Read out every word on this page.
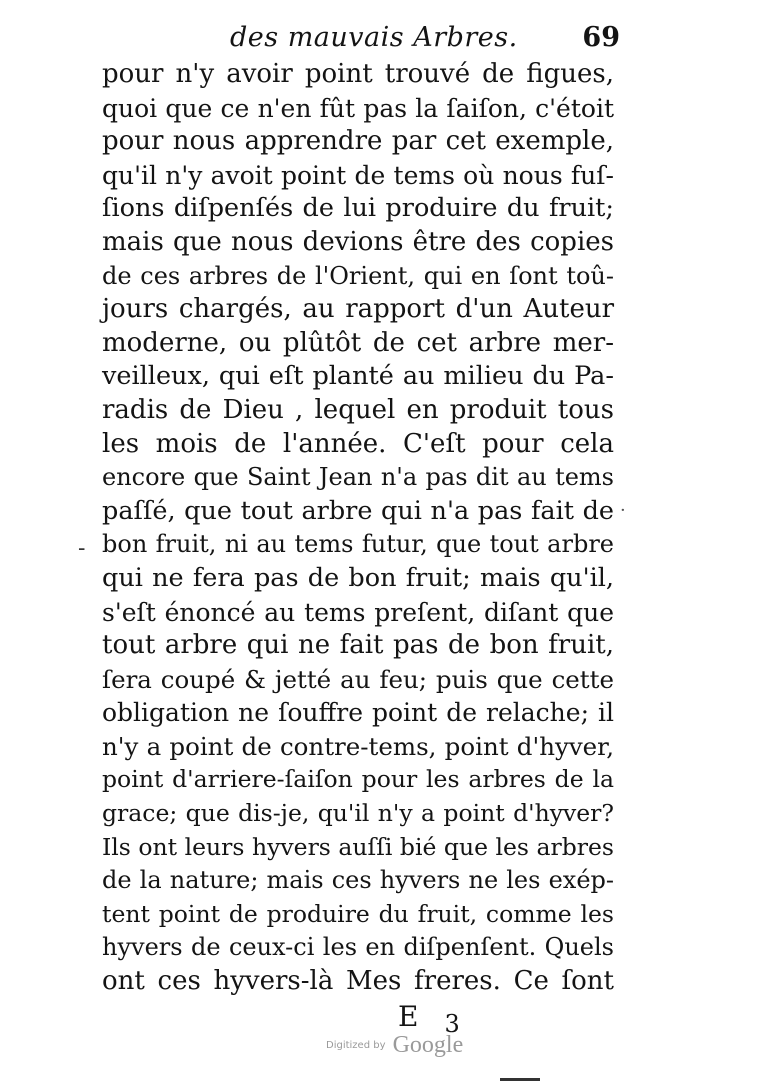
des mauvais Arbres. 69
pour n'y avoir point trouvé de figues,
quoi que ce n'en fût pas la ſaiſon, c'étoit
pour nous apprendre par cet exemple,
qu'il n'y avoit point de tems où nous fuſ-
ſions diſpenſés de lui produire du fruit;
mais que nous devions être des copies
de ces arbres de l'Orient, qui en ſont toû-
jours chargés, au rapport d'un Auteur
moderne, ou plûtôt de cet arbre mer-
veilleux, qui eſt planté au milieu du Pa-
radis de Dieu , lequel en produit tous
les mois de l'année. C'eſt pour cela
encore que Saint Jean n'a pas dit au tems
paſſé, que tout arbre qui n'a pas fait de
bon fruit, ni au tems futur, que tout arbre
qui ne fera pas de bon fruit; mais qu'il,
s'eſt énoncé au tems preſent, diſant que
tout arbre qui ne fait pas de bon fruit,
ſera coupé & jetté au feu; puis que cette
obligation ne ſouffre point de relache; il
n'y a point de contre-tems, point d'hyver,
point d'arriere-ſaiſon pour les arbres de la
grace; que dis-je, qu'il n'y a point d'hyver?
Ils ont leurs hyvers auſſi bié que les arbres
de la nature; mais ces hyvers ne les exép-
tent point de produire du fruit, comme les
hyvers de ceux-ci les en diſpenſent. Quels
ont ces hyvers-là Mes freres. Ce ſont
-
·
E 3
Digitized by Google
